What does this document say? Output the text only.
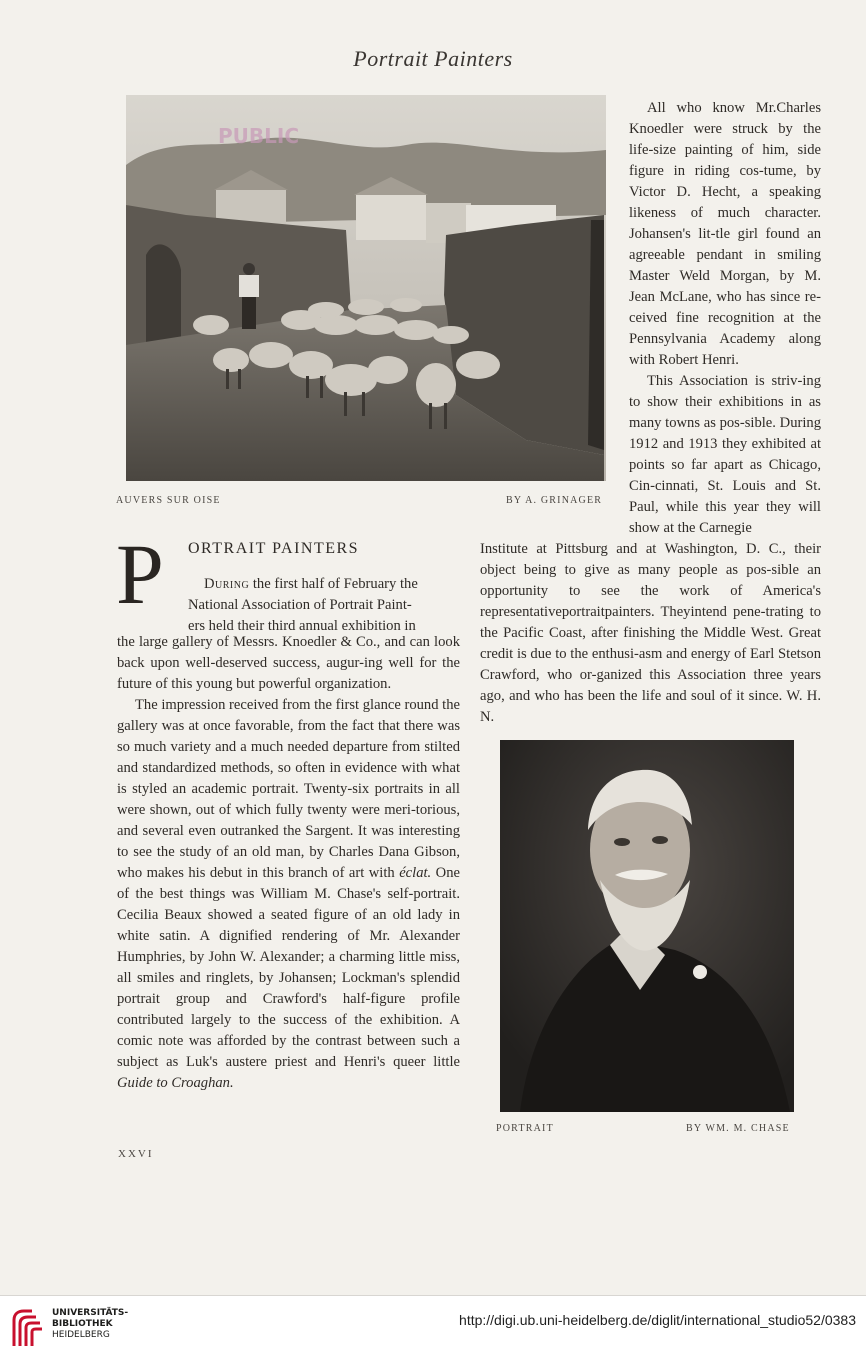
Portrait Painters
PUBLIC
AUVERS SUR OISE	BY A. GRINAGER

All who know Mr.Charles Knoedler were struck by the life-size painting of him, side figure in riding cos-tume, by Victor D. Hecht, a speaking likeness of much character. Johansen's lit-tle girl found an agreeable pendant in smiling Master Weld Morgan, by M. Jean McLane, who has since re-ceived fine recognition at the Pennsylvania Academy along with Robert Henri.

This Association is striv-ing to show their exhibitions in as many towns as pos-sible. During 1912 and 1913 they exhibited at points so far apart as Chicago, Cin-cinnati, St. Louis and St. Paul, while this year they will show at the Carnegie

P ORTRAIT PAINTERS
During the first half of February the
National Association of Portrait Paint-
ers held their third annual exhibition in

the large gallery of Messrs. Knoedler & Co., and can look back upon well-deserved success, augur-ing well for the future of this young but powerful organization.

The impression received from the first glance round the gallery was at once favorable, from the fact that there was so much variety and a much needed departure from stilted and standardized methods, so often in evidence with what is styled an academic portrait. Twenty-six portraits in all were shown, out of which fully twenty were meri-torious, and several even outranked the Sargent. It was interesting to see the study of an old man, by Charles Dana Gibson, who makes his debut in this branch of art with éclat. One of the best things was William M. Chase's self-portrait. Cecilia Beaux showed a seated figure of an old lady in white satin. A dignified rendering of Mr. Alexander Humphries, by John W. Alexander; a charming little miss, all smiles and ringlets, by Johansen; Lockman's splendid portrait group and Crawford's half-figure profile contributed largely to the success of the exhibition. A comic note was afforded by the contrast between such a subject as Luk's austere priest and Henri's queer little Guide to Croaghan.

Institute at Pittsburg and at Washington, D. C., their object being to give as many people as pos-sible an opportunity to see the work of America's representativeportraitpainters. Theyintend pene-trating to the Pacific Coast, after finishing the Middle West. Great credit is due to the enthusi-asm and energy of Earl Stetson Crawford, who or-ganized this Association three years ago, and who has been the life and soul of it since. W. H. N.

PORTRAIT	BY WM. M. CHASE
XXVI
UNIVERSITÄTS-
BIBLIOTHEK
HEIDELBERG
http://digi.ub.uni-heidelberg.de/diglit/international_studio52/0383
